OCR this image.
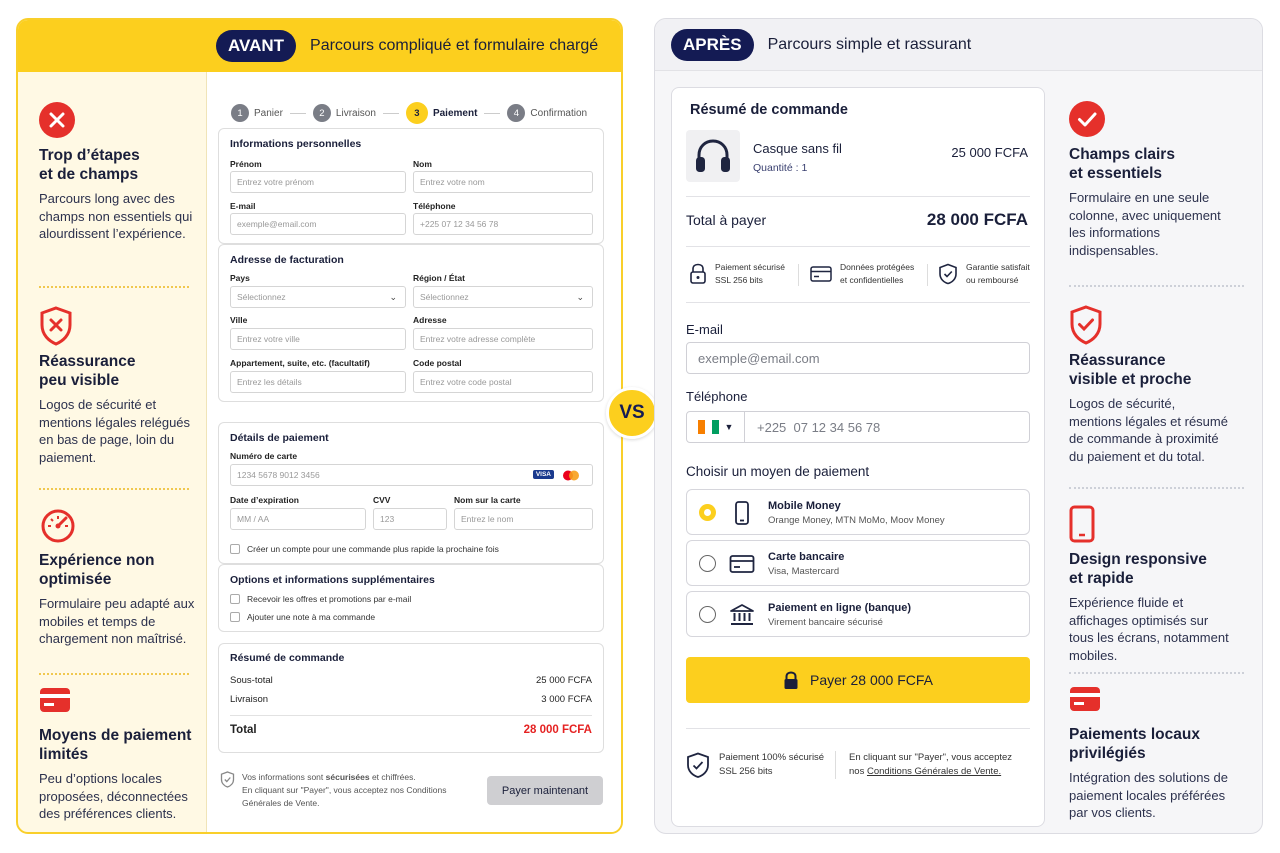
AVANT	Parcours compliqué et formulaire chargé
Trop d’étapes
et de champs

Parcours long avec des champs non essentiels qui alourdissent l’expérience.

Réassurance
peu visible

Logos de sécurité et mentions légales relégués en bas de page, loin du paiement.

Expérience non
optimisée

Formulaire peu adapté aux mobiles et temps de chargement non maîtrisé.

Moyens de paiement
limités

Peu d’options locales proposées, déconnectées des préférences clients.

1	Panier	2	Livraison	3	Paiement	4	Confirmation
Informations personnelles
Prénom
Entrez votre prénom
Nom
Entrez votre nom
E-mail
exemple@email.com
Téléphone
+225 07 12 34 56 78
Adresse de facturation
Pays
Sélectionnez	⌄
Région / État
Sélectionnez	⌄
Ville
Entrez votre ville
Adresse
Entrez votre adresse complète
Appartement, suite, etc. (facultatif)
Entrez les détails
Code postal
Entrez votre code postal
Détails de paiement
Numéro de carte
1234 5678 9012 3456	VISA
Date d’expiration
MM / AA
CVV
123
Nom sur la carte
Entrez le nom
Créer un compte pour une commande plus rapide la prochaine fois
Options et informations supplémentaires
Recevoir les offres et promotions par e-mail
Ajouter une note à ma commande
Résumé de commande
Sous-total	25 000 FCFA
Livraison	3 000 FCFA
Total	28 000 FCFA
Vos informations sont sécurisées et chiffrées.
En cliquant sur "Payer", vous acceptez nos Conditions Générales de Vente.
Payer maintenant
VS
APRÈS	Parcours simple et rassurant
Résumé de commande
Casque sans fil
Quantité : 1
25 000 FCFA
Total à payer	28 000 FCFA
Paiement sécurisé
SSL 256 bits
Données protégées
et confidentielles
Garantie satisfait
ou remboursé
E-mail
exemple@email.com
Téléphone
▼ +225  07 12 34 56 78
Choisir un moyen de paiement
Mobile Money
Orange Money, MTN MoMo, Moov Money
Carte bancaire
Visa, Mastercard
Paiement en ligne (banque)
Virement bancaire sécurisé
Payer 28 000 FCFA
Paiement 100% sécurisé
SSL 256 bits
En cliquant sur "Payer", vous acceptez
nos Conditions Générales de Vente.
Champs clairs
et essentiels

Formulaire en une seule colonne, avec uniquement les informations indispensables.

Réassurance
visible et proche

Logos de sécurité, mentions légales et résumé de commande à proximité du paiement et du total.

Design responsive
et rapide

Expérience fluide et affichages optimisés sur tous les écrans, notamment mobiles.

Paiements locaux
privilégiés

Intégration des solutions de paiement locales préférées par vos clients.
